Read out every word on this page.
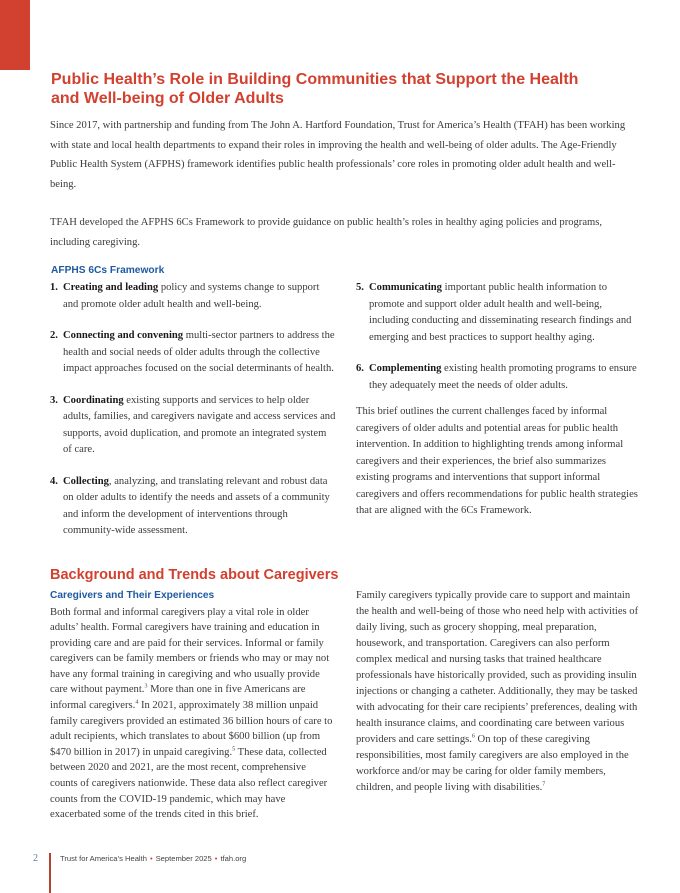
Public Health’s Role in Building Communities that Support the Health and Well-being of Older Adults

Since 2017, with partnership and funding from The John A. Hartford Foundation, Trust for America’s Health (TFAH) has been working with state and local health departments to expand their roles in improving the health and well-being of older adults. The Age-Friendly Public Health System (AFPHS) framework identifies public health professionals’ core roles in promoting older adult health and well-being.

TFAH developed the AFPHS 6Cs Framework to provide guidance on public health’s roles in healthy aging policies and programs, including caregiving.

AFPHS 6Cs Framework
1. Creating and leading policy and systems change to support and promote older adult health and well-being.
2. Connecting and convening multi-sector partners to address the health and social needs of older adults through the collective impact approaches focused on the social determinants of health.
3. Coordinating existing supports and services to help older adults, families, and caregivers navigate and access services and supports, avoid duplication, and promote an integrated system of care.
4. Collecting, analyzing, and translating relevant and robust data on older adults to identify the needs and assets of a community and inform the development of interventions through community-wide assessment.
5. Communicating important public health information to promote and support older adult health and well-being, including conducting and disseminating research findings and emerging and best practices to support healthy aging.
6. Complementing existing health promoting programs to ensure they adequately meet the needs of older adults.

This brief outlines the current challenges faced by informal caregivers of older adults and potential areas for public health intervention. In addition to highlighting trends among informal caregivers and their experiences, the brief also summarizes existing programs and interventions that support informal caregivers and offers recommendations for public health strategies that are aligned with the 6Cs Framework.

Background and Trends about Caregivers
Caregivers and Their Experiences

Both formal and informal caregivers play a vital role in older adults’ health. Formal caregivers have training and education in providing care and are paid for their services. Informal or family caregivers can be family members or friends who may or may not have any formal training in caregiving and who usually provide care without payment.$^3$ More than one in five Americans are informal caregivers.$^4$ In 2021, approximately 38 million unpaid family caregivers provided an estimated 36 billion hours of care to adult recipients, which translates to about $600 billion (up from $470 billion in 2017) in unpaid caregiving.$^5$ These data, collected between 2020 and 2021, are the most recent, comprehensive counts of caregivers nationwide. These data also reflect caregiver counts from the COVID-19 pandemic, which may have exacerbated some of the trends cited in this brief.

Family caregivers typically provide care to support and maintain the health and well-being of those who need help with activities of daily living, such as grocery shopping, meal preparation, housework, and transportation. Caregivers can also perform complex medical and nursing tasks that trained healthcare professionals have historically provided, such as providing insulin injections or changing a catheter. Additionally, they may be tasked with advocating for their care recipients’ preferences, dealing with health insurance claims, and coordinating care between various providers and care settings.$^6$ On top of these caregiving responsibilities, most family caregivers are also employed in the workforce and/or may be caring for older family members, children, and people living with disabilities.$^7$

2	Trust for America’s Health • September 2025 • tfah.org
